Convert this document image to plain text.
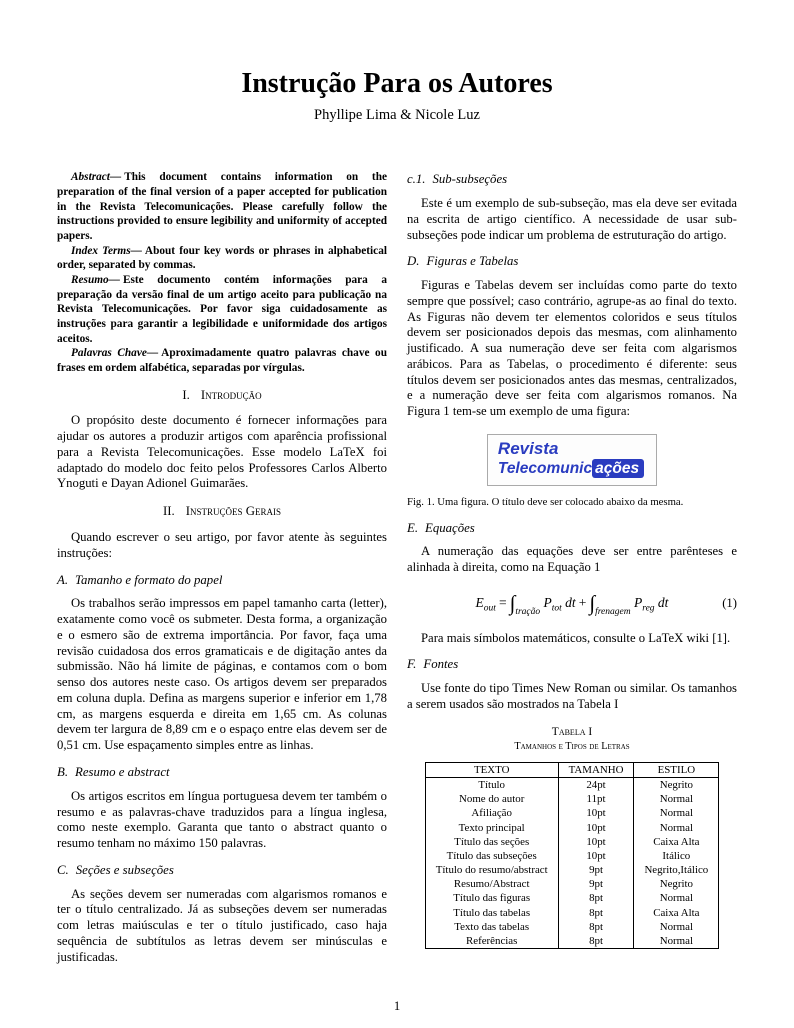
Instrução Para os Autores
Phyllipe Lima & Nicole Luz

Abstract— This document contains information on the preparation of the final version of a paper accepted for publication in the Revista Telecomunicações. Please carefully follow the instructions provided to ensure legibility and uniformity of accepted papers.

Index Terms— About four key words or phrases in alphabetical order, separated by commas.

Resumo— Este documento contém informações para a preparação da versão final de um artigo aceito para publicação na Revista Telecomunicações. Por favor siga cuidadosamente as instruções para garantir a legibilidade e uniformidade dos artigos aceitos.

Palavras Chave— Aproximadamente quatro palavras chave ou frases em ordem alfabética, separadas por vírgulas.

I. Introdução

O propósito deste documento é fornecer informações para ajudar os autores a produzir artigos com aparência profissional para a Revista Telecomunicações. Esse modelo LaTeX foi adaptado do modelo doc feito pelos Professores Carlos Alberto Ynoguti e Dayan Adionel Guimarães.

II. Instruções Gerais

Quando escrever o seu artigo, por favor atente às seguintes instruções:

A. Tamanho e formato do papel

Os trabalhos serão impressos em papel tamanho carta (letter), exatamente como você os submeter. Desta forma, a organização e o esmero são de extrema importância. Por favor, faça uma revisão cuidadosa dos erros gramaticais e de digitação antes da submissão. Não há limite de páginas, e contamos com o bom senso dos autores neste caso. Os artigos devem ser preparados em coluna dupla. Defina as margens superior e inferior em 1,78 cm, as margens esquerda e direita em 1,65 cm. As colunas devem ter largura de 8,89 cm e o espaço entre elas devem ser de 0,51 cm. Use espaçamento simples entre as linhas.

B. Resumo e abstract

Os artigos escritos em língua portuguesa devem ter também o resumo e as palavras-chave traduzidos para a língua inglesa, como neste exemplo. Garanta que tanto o abstract quanto o resumo tenham no máximo 150 palavras.

C. Seções e subseções

As seções devem ser numeradas com algarismos romanos e ter o título centralizado. Já as subseções devem ser numeradas com letras maiúsculas e ter o título justificado, caso haja sequência de subtítulos as letras devem ser minúsculas e justificadas.

c.1. Sub-subseções

Este é um exemplo de sub-subseção, mas ela deve ser evitada na escrita de artigo científico. A necessidade de usar sub-subseções pode indicar um problema de estruturação do artigo.

D. Figuras e Tabelas

Figuras e Tabelas devem ser incluídas como parte do texto sempre que possível; caso contrário, agrupe-as ao final do texto. As Figuras não devem ter elementos coloridos e seus títulos devem ser posicionados depois das mesmas, com alinhamento justificado. A sua numeração deve ser feita com algarismos arábicos. Para as Tabelas, o procedimento é diferente: seus títulos devem ser posicionados antes das mesmas, centralizados, e a numeração deve ser feita com algarismos romanos. Na Figura 1 tem-se um exemplo de uma figura:

Revista
Telecomunic ações

Fig. 1. Uma figura. O título deve ser colocado abaixo da mesma.

E. Equações

A numeração das equações deve ser entre parênteses e alinhada à direita, como na Equação 1

$E_{out} = \int_{tração}$ $P_{tot}$ dt + $\int_{frenagem}$ $P_{reg}$ dt	(1)

Para mais símbolos matemáticos, consulte o LaTeX wiki [1].

F. Fontes

Use fonte do tipo Times New Roman ou similar. Os tamanhos a serem usados são mostrados na Tabela I

Tabela I
Tamanhos e Tipos de Letras
TEXTO	TAMANHO	ESTILO
Título	24pt	Negrito
Nome do autor	11pt	Normal
Afiliação	10pt	Normal
Texto principal	10pt	Normal
Título das seções	10pt	Caixa Alta
Título das subseções	10pt	Itálico
Título do resumo/abstract	9pt	Negrito,Itálico
Resumo/Abstract	9pt	Negrito
Título das figuras	8pt	Normal
Título das tabelas	8pt	Caixa Alta
Texto das tabelas	8pt	Normal
Referências	8pt	Normal
1
